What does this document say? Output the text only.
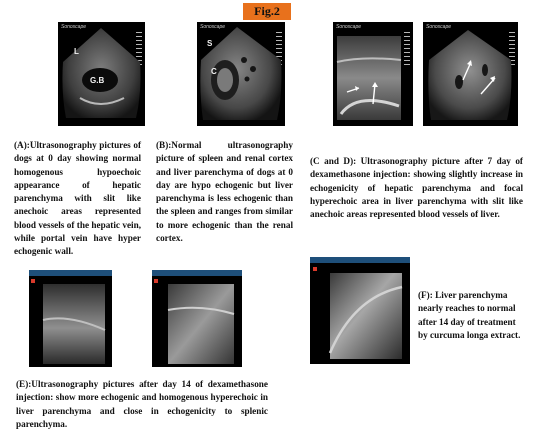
Fig.2
Sonoscape
L
G.B
Sonoscape
S
C
Sonoscape	Sonoscape

(A):Ultrasonography pictures of dogs at 0 day showing normal homogenous hypoechoic appearance of hepatic parenchyma with slit like anechoic areas represented blood vessels of the hepatic vein, while portal vein have hyper echogenic wall.

(B):Normal ultrasonography picture of spleen and renal cortex and liver parenchyma of dogs at 0 day are hypo echogenic but liver parenchyma is less echogenic than the spleen and ranges from similar to more echogenic than the renal cortex.

(C and D): Ultrasonography picture after 7 day of dexamethasone injection: showing slightly increase in echogenicity of hepatic parenchyma and focal hyperechoic area in liver parenchyma with slit like anechoic areas represented blood vessels of liver.

(E):Ultrasonography pictures after day 14 of dexamethasone injection: show more echogenic and homogenous hyperechoic in liver parenchyma and close in echogenicity to splenic parenchyma.

(F): Liver parenchyma nearly reaches to normal after 14 day of treatment by curcuma longa extract.
